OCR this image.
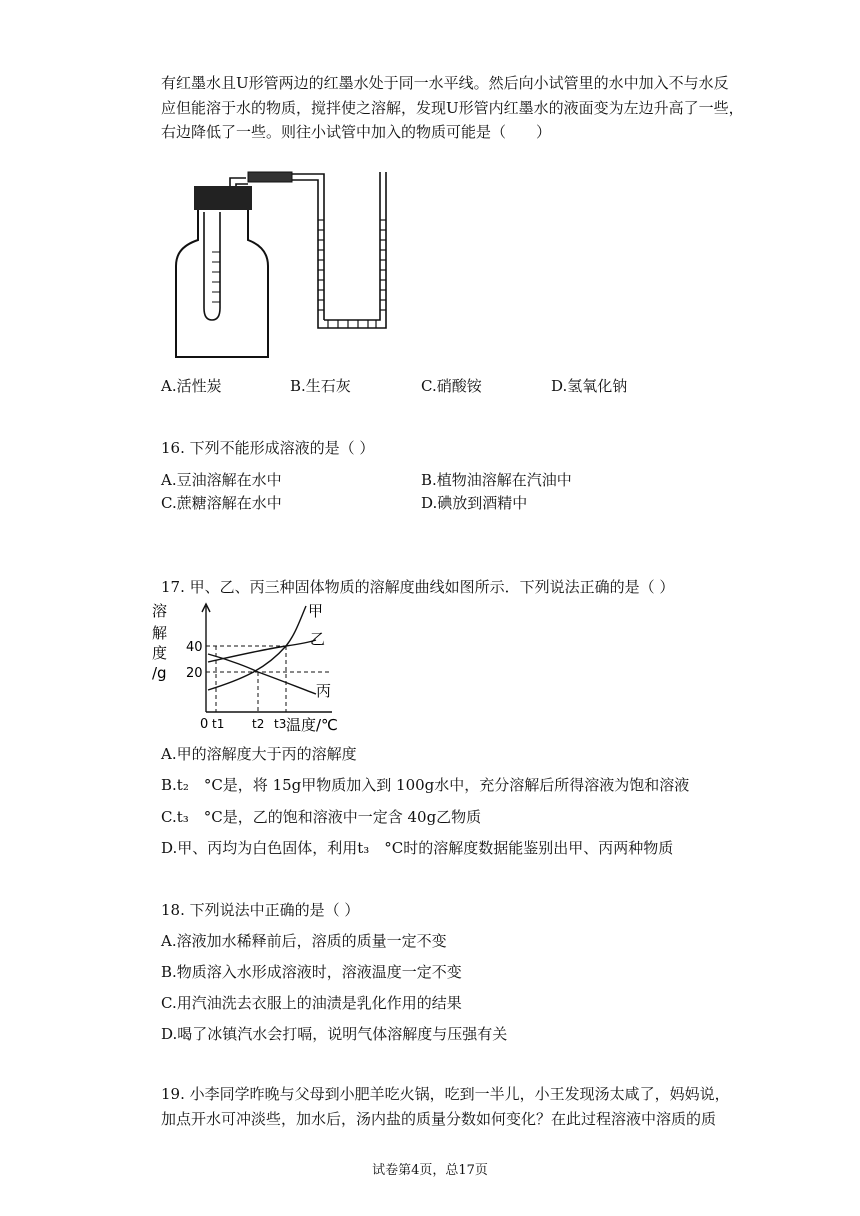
有红墨水且U形管两边的红墨水处于同一水平线。然后向小试管里的水中加入不与水反
应但能溶于水的物质，搅拌使之溶解，发现U形管内红墨水的液面变为左边升高了一些，
右边降低了一些。则往小试管中加入的物质可能是（　　）
A.活性炭	B.生石灰	C.硝酸铵	D.氢氧化钠
16. 下列不能形成溶液的是（ ）
A.豆油溶解在水中	B.植物油溶解在汽油中
C.蔗糖溶解在水中	D.碘放到酒精中
17. 甲、乙、丙三种固体物质的溶解度曲线如图所示．下列说法正确的是（ ）
溶
解
度
/g
40
20
0 t1 t2 t3 温度/℃
甲
乙
丙
A.甲的溶解度大于丙的溶解度
B.t₂　°C是，将 15g甲物质加入到 100g水中，充分溶解后所得溶液为饱和溶液
C.t₃　°C是，乙的饱和溶液中一定含 40g乙物质
D.甲、丙均为白色固体，利用t₃　°C时的溶解度数据能鉴别出甲、丙两种物质
18. 下列说法中正确的是（ ）
A.溶液加水稀释前后，溶质的质量一定不变
B.物质溶入水形成溶液时，溶液温度一定不变
C.用汽油洗去衣服上的油渍是乳化作用的结果
D.喝了冰镇汽水会打嗝，说明气体溶解度与压强有关
19. 小李同学昨晚与父母到小肥羊吃火锅，吃到一半儿，小王发现汤太咸了，妈妈说，
加点开水可冲淡些，加水后，汤内盐的质量分数如何变化？在此过程溶液中溶质的质
试卷第4页，总17页
